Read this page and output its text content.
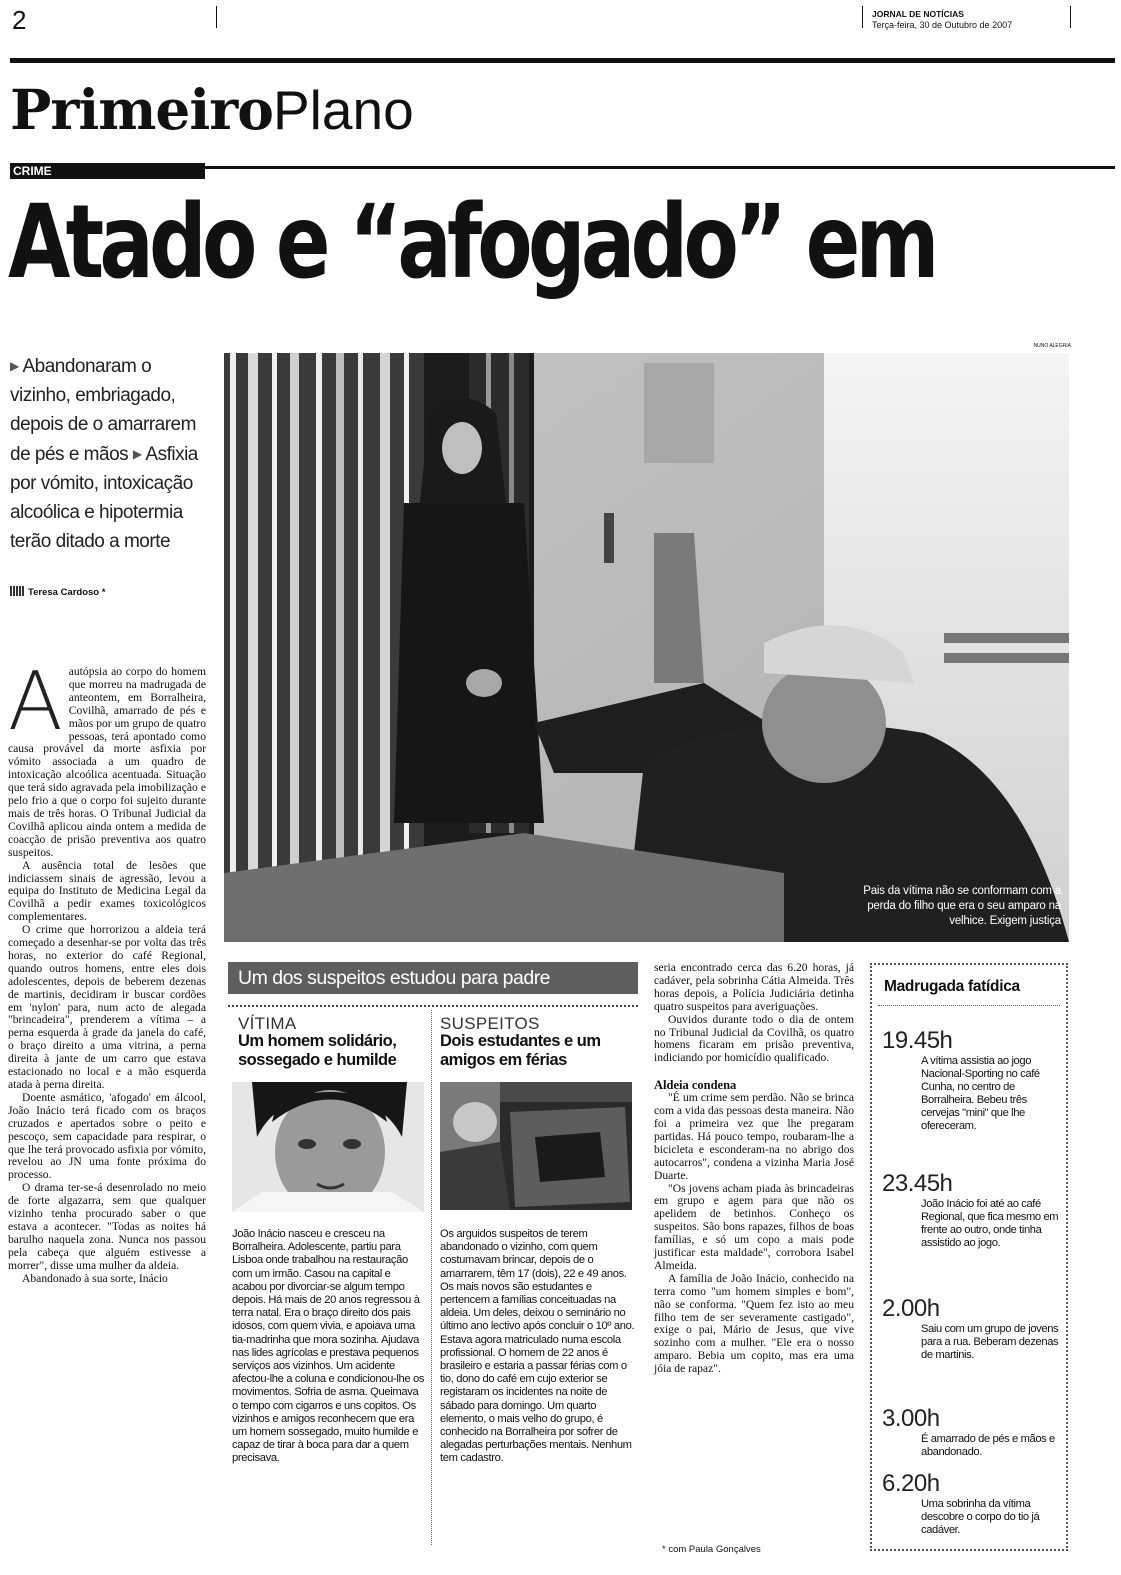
2	JORNAL DE NOTÍCIAS
Terça-feira, 30 de Outubro de 2007
PrimeiroPlano
CRIME
Atado e “afogado” em
▶ Abandonaram o
vizinho, embriagado,
depois de o amarrarem
de pés e mãos ▶ Asfixia
por vómito, intoxicação
alcoólica e hipotermia
terão ditado a morte
Teresa Cardoso *
A autópsia ao corpo do homem que morreu na madrugada de anteontem, em Borralheira, Covilhã, amarrado de pés e mãos por um grupo de quatro pessoas, terá apontado como causa provável da morte asfixia por vómito associada a um quadro de intoxicação alcoólica acentuada. Situação que terá sido agravada pela imobilização e pelo frio a que o corpo foi sujeito durante mais de três horas. O Tribunal Judicial da Covilhã aplicou ainda ontem a medida de coacção de prisão preventiva aos quatro suspeitos.

A ausência total de lesões que indiciassem sinais de agressão, levou a equipa do Instituto de Medicina Legal da Covilhã a pedir exames toxicológicos complementares.

O crime que horrorizou a aldeia terá começado a desenhar-se por volta das três horas, no exterior do café Regional, quando outros homens, entre eles dois adolescentes, depois de beberem dezenas de martinis, decidiram ir buscar cordões em 'nylon' para, num acto de alegada "brincadeira", prenderem a vítima – a perna esquerda à grade da janela do café, o braço direito a uma vitrina, a perna direita à jante de um carro que estava estacionado no local e a mão esquerda atada à perna direita.

Doente asmático, 'afogado' em álcool, João Inácio terá ficado com os braços cruzados e apertados sobre o peito e pescoço, sem capacidade para respirar, o que lhe terá provocado asfixia por vómito, revelou ao JN uma fonte próxima do processo.

O drama ter-se-á desenrolado no meio de forte algazarra, sem que qualquer vizinho tenha procurado saber o que estava a acontecer. "Todas as noites há barulho naquela zona. Nunca nos passou pela cabeça que alguém estivesse a morrer", disse uma mulher da aldeia.

Abandonado à sua sorte, Inácio

NUNO ALEGRIA
Pais da vítima não se conformam com a perda do filho que era o seu amparo na velhice. Exigem justiça
Um dos suspeitos estudou para padre
VÍTIMA
Um homem solidário, sossegado e humilde
João Inácio nasceu e cresceu na Borralheira. Adolescente, partiu para Lisboa onde trabalhou na restauração com um irmão. Casou na capital e acabou por divorciar-se algum tempo depois. Há mais de 20 anos regressou à terra natal. Era o braço direito dos pais idosos, com quem vivia, e apoiava uma tia-madrinha que mora sozinha. Ajudava nas lides agrícolas e prestava pequenos serviços aos vizinhos. Um acidente afectou-lhe a coluna e condicionou-lhe os movimentos. Sofria de asma. Queimava o tempo com cigarros e uns copitos. Os vizinhos e amigos reconhecem que era um homem sossegado, muito humilde e capaz de tirar à boca para dar a quem precisava.
SUSPEITOS
Dois estudantes e um amigos em férias
Os arguidos suspeitos de terem abandonado o vizinho, com quem costumavam brincar, depois de o amarrarem, têm 17 (dois), 22 e 49 anos. Os mais novos são estudantes e pertencem a famílias conceituadas na aldeia. Um deles, deixou o seminário no último ano lectivo após concluir o 10º ano. Estava agora matriculado numa escola profissional. O homem de 22 anos é brasileiro e estaria a passar férias com o tio, dono do café em cujo exterior se registaram os incidentes na noite de sábado para domingo. Um quarto elemento, o mais velho do grupo, é conhecido na Borralheira por sofrer de alegadas perturbações mentais. Nenhum tem cadastro.

seria encontrado cerca das 6.20 horas, já cadáver, pela sobrinha Cátia Almeida. Três horas depois, a Polícia Judiciária detinha quatro suspeitos para averiguações.

Ouvidos durante todo o dia de ontem no Tribunal Judicial da Covilhã, os quatro homens ficaram em prisão preventiva, indiciando por homicídio qualificado.

Aldeia condena

"É um crime sem perdão. Não se brinca com a vida das pessoas desta maneira. Não foi a primeira vez que lhe pregaram partidas. Há pouco tempo, roubaram-lhe a bicicleta e esconderam-na no abrigo dos autocarros", condena a vizinha Maria José Duarte.

"Os jovens acham piada às brincadeiras em grupo e agem para que não os apelidem de betinhos. Conheço os suspeitos. São bons rapazes, filhos de boas famílias, e só um copo a mais pode justificar esta maldade", corrobora Isabel Almeida.

A família de João Inácio, conhecido na terra como "um homem simples e bom", não se conforma. "Quem fez isto ao meu filho tem de ser severamente castigado", exige o pai, Mário de Jesus, que vive sozinho com a mulher. "Ele era o nosso amparo. Bebia um copito, mas era uma jóia de rapaz".

* com Paula Gonçalves
Madrugada fatídica
19.45h
A vítima assistia ao jogo Nacional-Sporting no café Cunha, no centro de Borralheira. Bebeu três cervejas "mini" que lhe ofereceram.
23.45h
João Inácio foi até ao café Regional, que fica mesmo em frente ao outro, onde tinha assistido ao jogo.
2.00h
Saiu com um grupo de jovens para a rua. Beberam dezenas de martinis.
3.00h
É amarrado de pés e mãos e abandonado.
6.20h
Uma sobrinha da vítima descobre o corpo do tio já cadáver.
